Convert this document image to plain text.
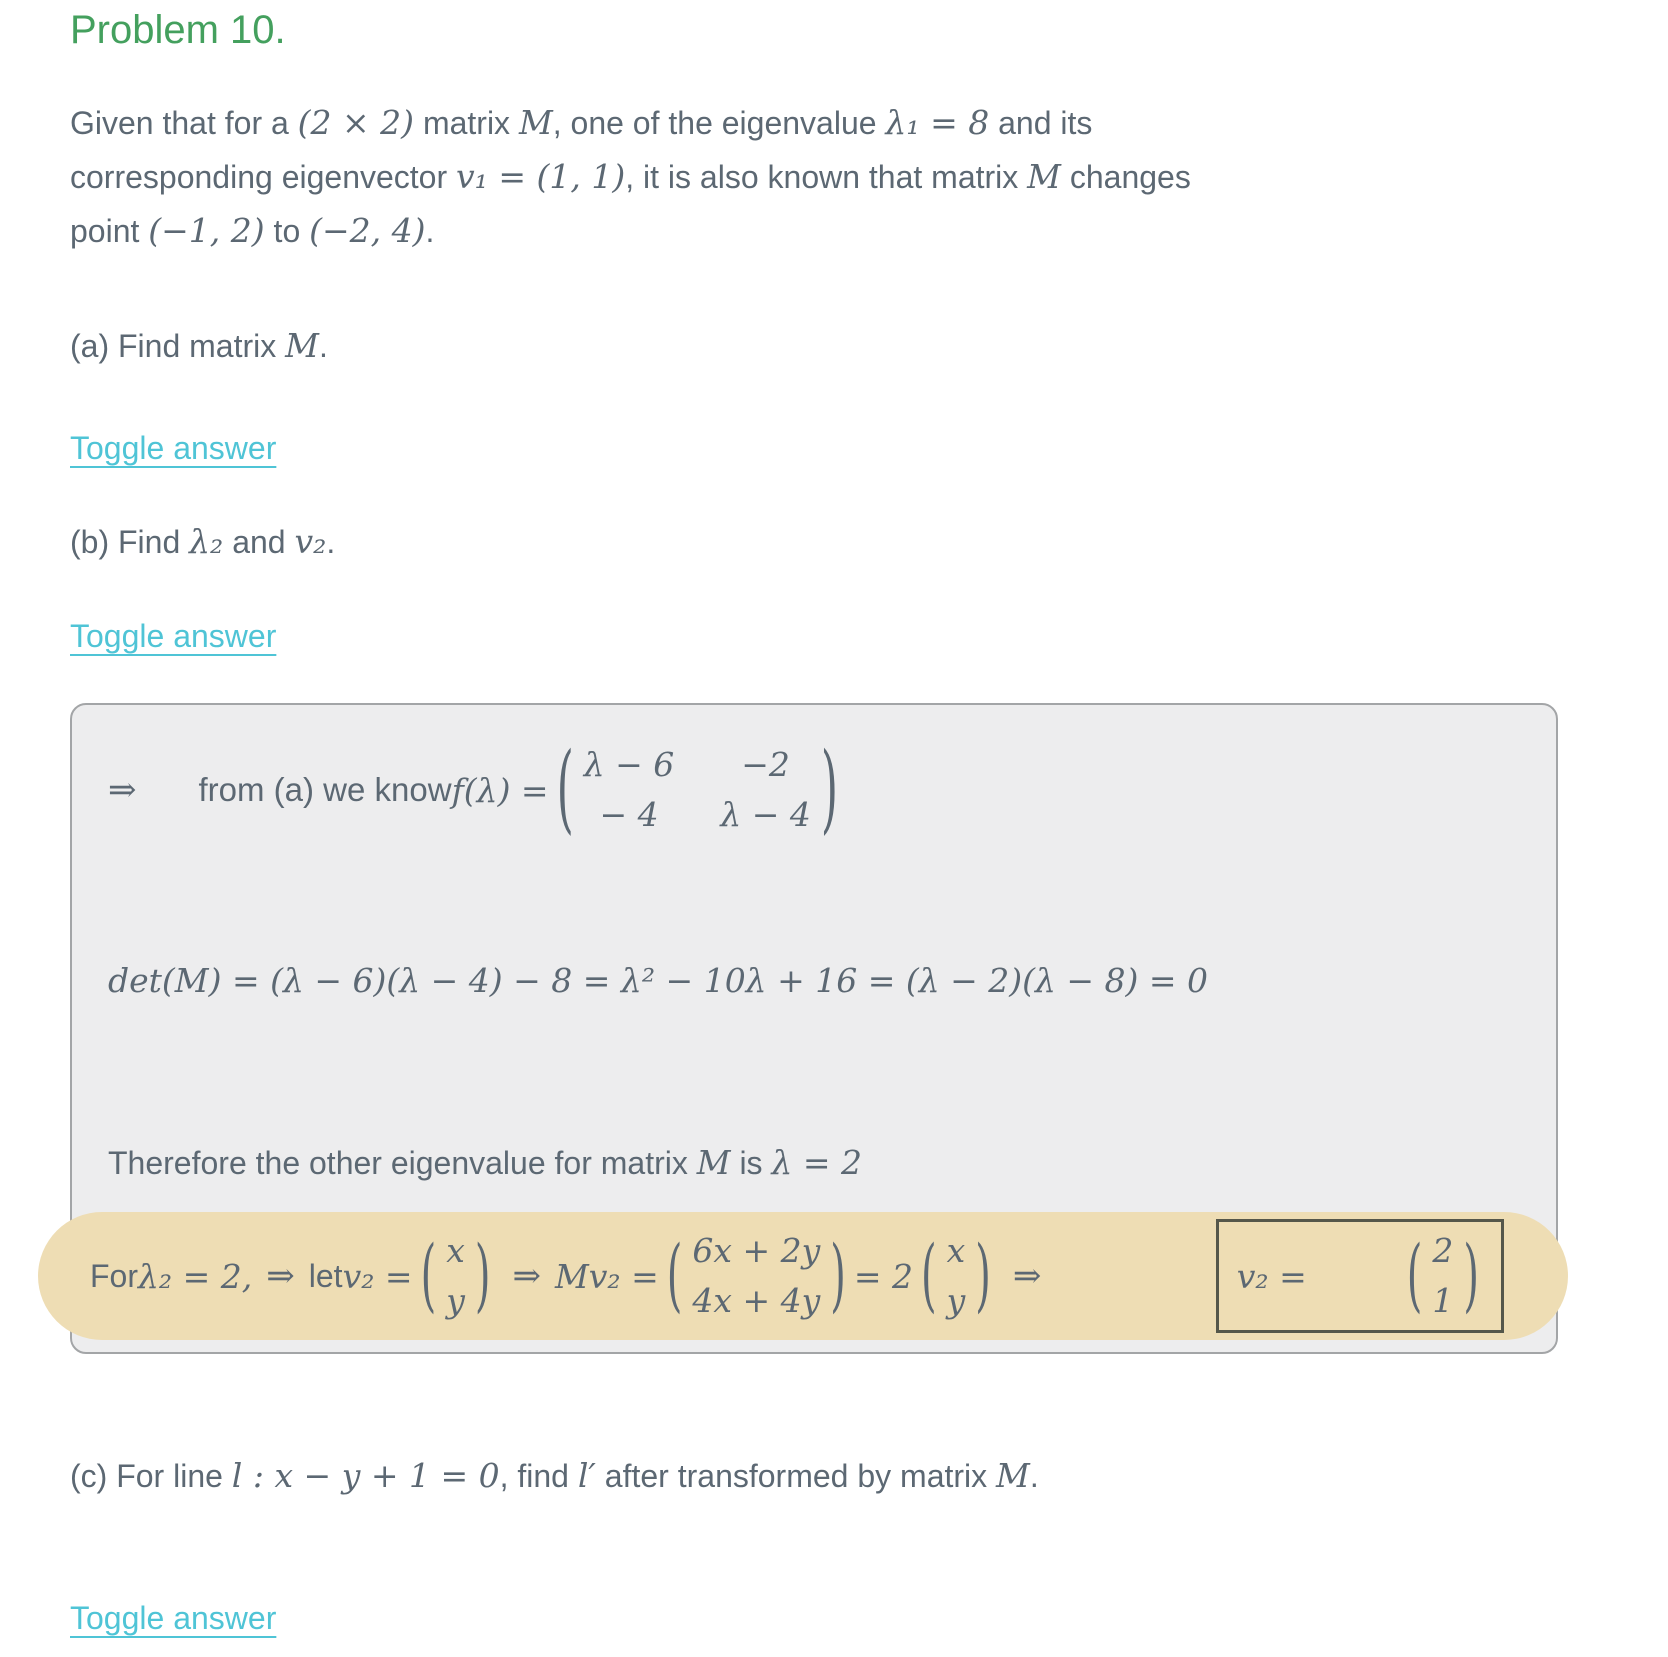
Problem 10.
Given that for a (2 × 2) matrix M, one of the eigenvalue λ₁ = 8 and its
corresponding eigenvector v₁ = (1, 1), it is also known that matrix M changes
point (−1, 2) to (−2, 4).
(a) Find matrix M.
Toggle answer
(b) Find λ₂ and v₂.
Toggle answer
⇒ from (a) we know f(λ) = ( λ − 6	−2
− 4	λ − 4 )
det(M) = (λ − 6)(λ − 4) − 8 = λ² − 10λ + 16 = (λ − 2)(λ − 8) = 0
Therefore the other eigenvalue for matrix M is λ = 2
For λ₂ = 2, ⇒ let v₂ = ( x
y ) ⇒ Mv₂ = ( 6x + 2y
4x + 4y ) = 2 ( x
y ) ⇒	v₂ =	( 2
1 )
(c) For line l : x − y + 1 = 0, find l′ after transformed by matrix M.
Toggle answer
